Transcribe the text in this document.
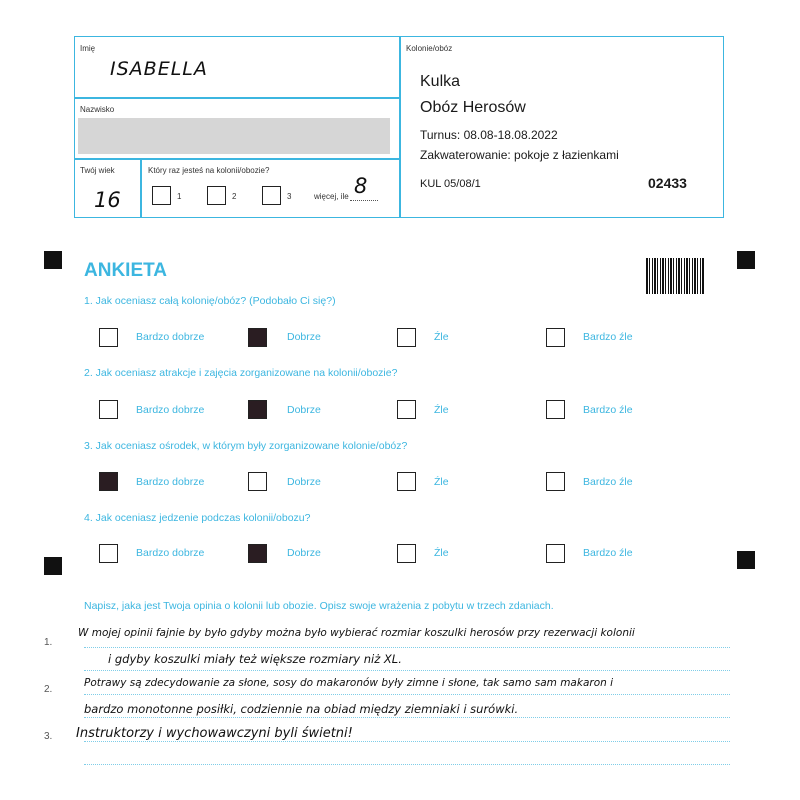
Imię
ISABELLA
Nazwisko
Twój wiek
16
Który raz jesteś na kolonii/obozie?
1	2	3	więcej, ile 8
Kolonie/obóz
Kulka
Obóz Herosów
Turnus: 08.08-18.08.2022
Zakwaterowanie: pokoje z łazienkami
KUL 05/08/1	02433
ANKIETA
1. Jak oceniasz całą kolonię/obóz? (Podobało Ci się?)
Bardzo dobrze	Dobrze	Źle	Bardzo źle
2. Jak oceniasz atrakcje i zajęcia zorganizowane na kolonii/obozie?
Bardzo dobrze	Dobrze	Źle	Bardzo źle
3. Jak oceniasz ośrodek, w którym były zorganizowane kolonie/obóz?
Bardzo dobrze	Dobrze	Źle	Bardzo źle
4. Jak oceniasz jedzenie podczas kolonii/obozu?
Bardzo dobrze	Dobrze	Źle	Bardzo źle
Napisz, jaka jest Twoja opinia o kolonii lub obozie. Opisz swoje wrażenia z pobytu w trzech zdaniach.
1.
2.
3.
W mojej opinii fajnie by było gdyby można było wybierać rozmiar koszulki herosów przy rezerwacji kolonii
i gdyby koszulki miały też większe rozmiary niż XL.
Potrawy są zdecydowanie za słone, sosy do makaronów były zimne i słone, tak samo sam makaron i
bardzo monotonne posiłki, codziennie na obiad między ziemniaki i surówki.
Instruktorzy i wychowawczyni byli świetni!
